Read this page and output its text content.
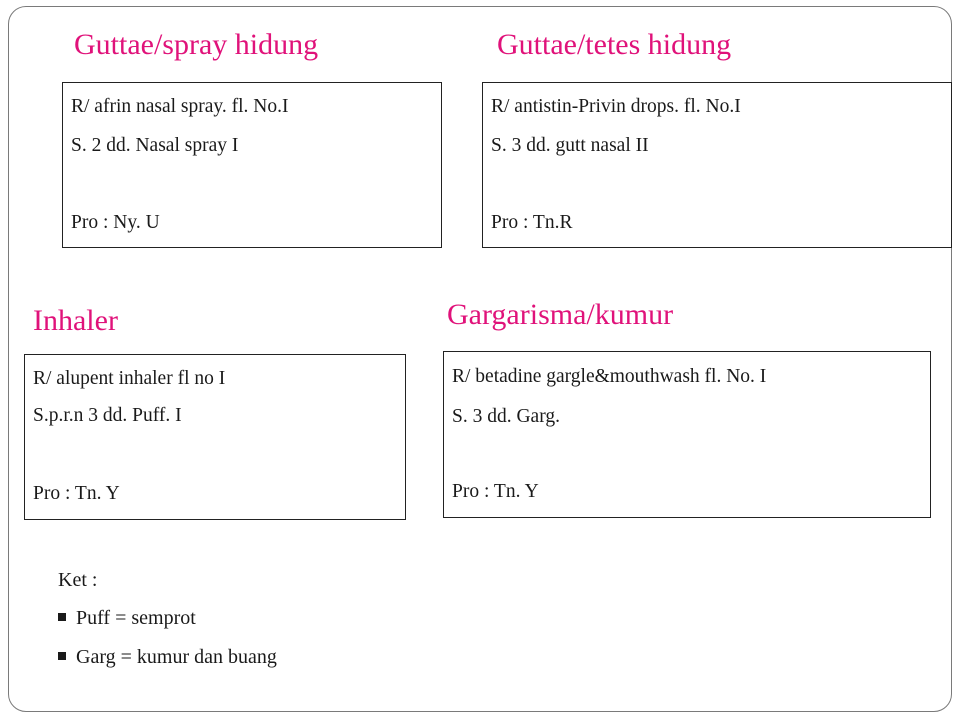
Guttae/spray hidung
R/ afrin nasal spray. fl. No.I
S. 2 dd. Nasal spray I
Pro : Ny. U
Guttae/tetes hidung
R/ antistin-Privin drops. fl. No.I
S. 3 dd. gutt nasal II
Pro : Tn.R
Inhaler
R/ alupent inhaler fl no I
S.p.r.n 3 dd. Puff. I
Pro : Tn. Y
Gargarisma/kumur
R/ betadine gargle&mouthwash fl. No. I
S. 3 dd. Garg.
Pro : Tn. Y
Ket :
Puff = semprot
Garg = kumur dan buang
